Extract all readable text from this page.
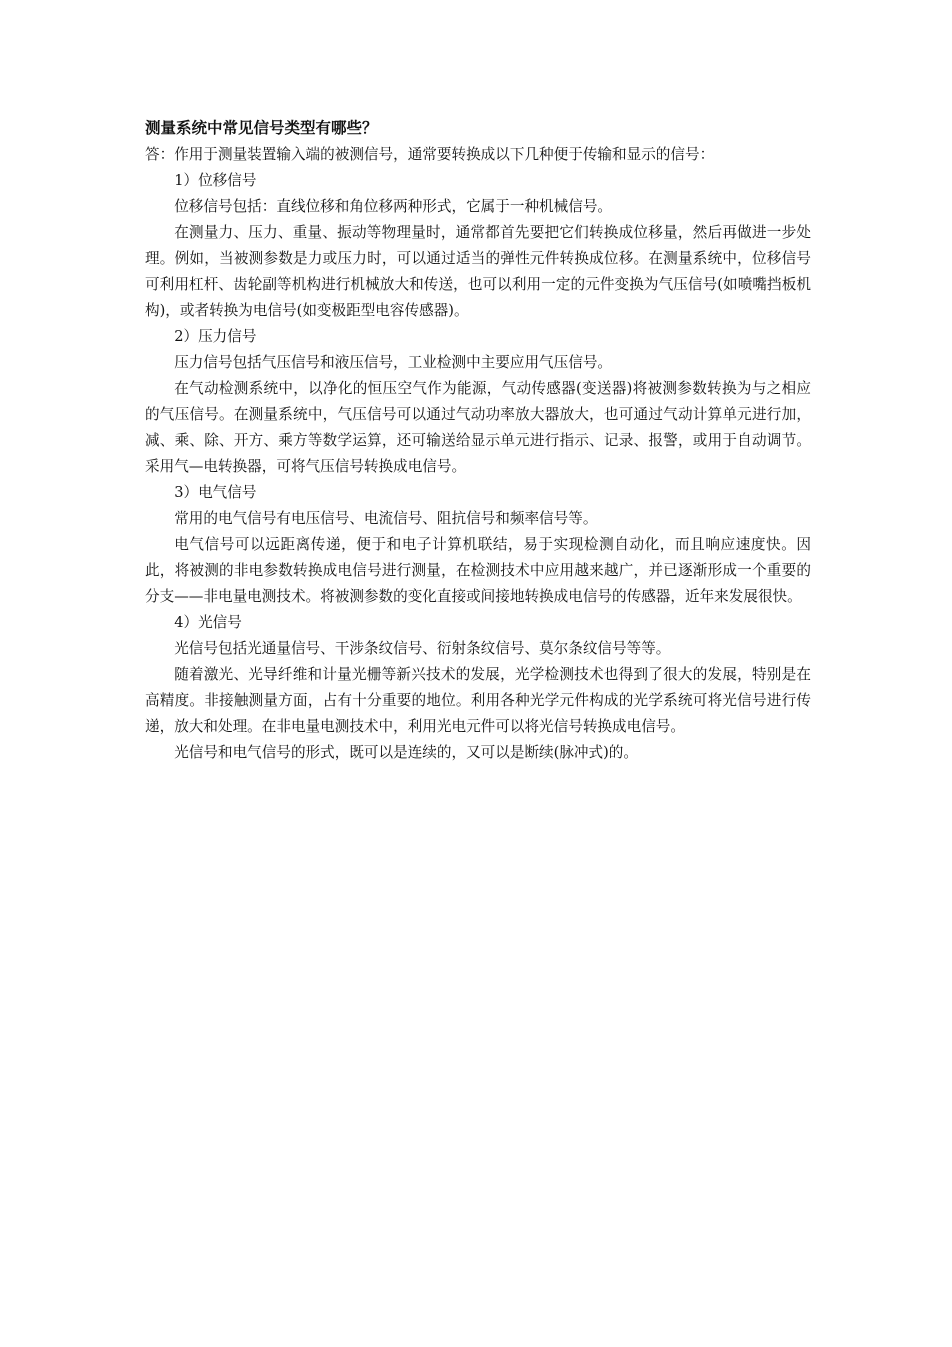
测量系统中常见信号类型有哪些？

答：作用于测量装置输入端的被测信号，通常要转换成以下几种便于传输和显示的信号：

1）位移信号

位移信号包括：直线位移和角位移两种形式，它属于一种机械信号。

在测量力、压力、重量、振动等物理量时，通常都首先要把它们转换成位移量，然后再做进一步处理。例如，当被测参数是力或压力时，可以通过适当的弹性元件转换成位移。在测量系统中，位移信号可利用杠杆、齿轮副等机构进行机械放大和传送，也可以利用一定的元件变换为气压信号(如喷嘴挡板机构)，或者转换为电信号(如变极距型电容传感器)。

2）压力信号

压力信号包括气压信号和液压信号，工业检测中主要应用气压信号。

在气动检测系统中，以净化的恒压空气作为能源，气动传感器(变送器)将被测参数转换为与之相应的气压信号。在测量系统中，气压信号可以通过气动功率放大器放大，也可通过气动计算单元进行加，减、乘、除、开方、乘方等数学运算，还可输送给显示单元进行指示、记录、报警，或用于自动调节。采用气—电转换器，可将气压信号转换成电信号。

3）电气信号

常用的电气信号有电压信号、电流信号、阻抗信号和频率信号等。

电气信号可以远距离传递，便于和电子计算机联结，易于实现检测自动化，而且响应速度快。因此，将被测的非电参数转换成电信号进行测量，在检测技术中应用越来越广，并已逐渐形成一个重要的分支——非电量电测技术。将被测参数的变化直接或间接地转换成电信号的传感器，近年来发展很快。

4）光信号

光信号包括光通量信号、干涉条纹信号、衍射条纹信号、莫尔条纹信号等等。

随着激光、光导纤维和计量光栅等新兴技术的发展，光学检测技术也得到了很大的发展，特别是在高精度。非接触测量方面，占有十分重要的地位。利用各种光学元件构成的光学系统可将光信号进行传递，放大和处理。在非电量电测技术中，利用光电元件可以将光信号转换成电信号。

光信号和电气信号的形式，既可以是连续的，又可以是断续(脉冲式)的。
